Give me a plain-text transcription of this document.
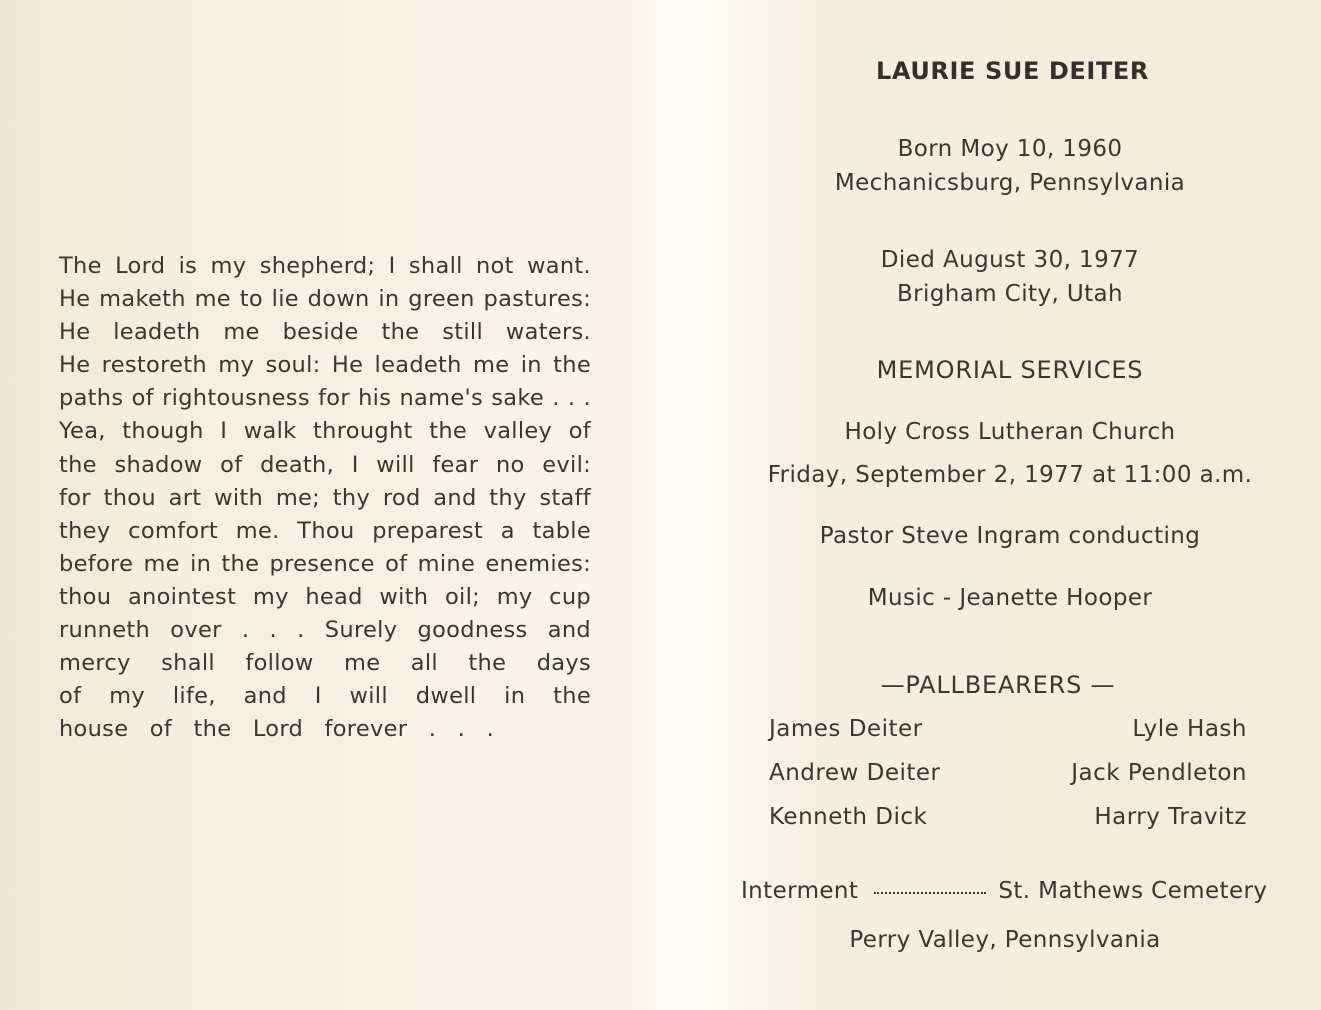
The Lord is my shepherd; I shall not want.
He maketh me to lie down in green pastures:
He leadeth me beside the still waters.
He restoreth my soul: He leadeth me in the
paths of rightousness for his name's sake . . .
Yea, though I walk throught the valley of
the shadow of death, I will fear no evil:
for thou art with me; thy rod and thy staff
they comfort me. Thou preparest a table
before me in the presence of mine enemies:
thou anointest my head with oil; my cup
runneth over . . . Surely goodness and
mercy shall follow me all the days
of my life, and I will dwell in the
house of the Lord forever . . .
LAURIE SUE DEITER
Born Moy 10, 1960
Mechanicsburg, Pennsylvania
Died August 30, 1977
Brigham City, Utah
MEMORIAL SERVICES
Holy Cross Lutheran Church
Friday, September 2, 1977 at 11:00 a.m.
Pastor Steve Ingram conducting
Music - Jeanette Hooper
—PALLBEARERS —
James Deiter	Lyle Hash
Andrew Deiter	Jack Pendleton
Kenneth Dick	Harry Travitz
Interment	St. Mathews Cemetery
Perry Valley, Pennsylvania
